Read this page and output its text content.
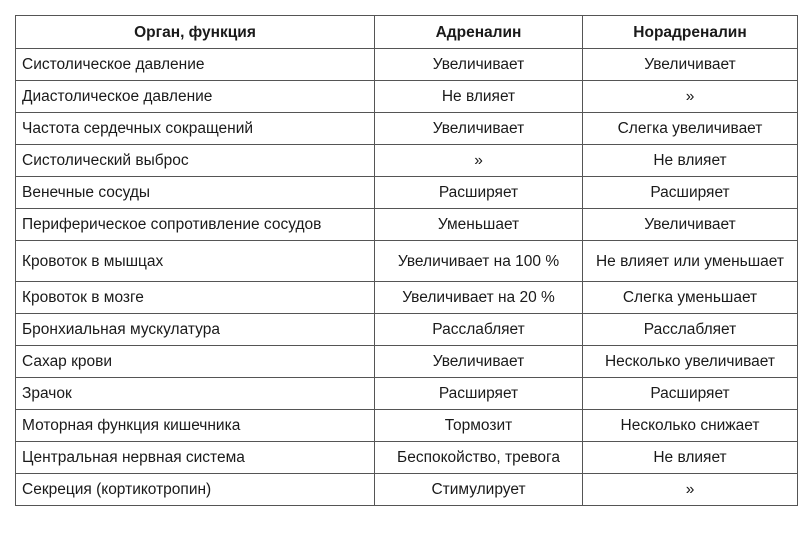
Орган, функция	Адреналин	Норадреналин
Систолическое давление	Увеличивает	Увеличивает
Диастолическое давление	Не влияет	»
Частота сердечных сокращений	Увеличивает	Слегка увеличивает
Систолический выброс	»	Не влияет
Венечные сосуды	Расширяет	Расширяет
Периферическое сопротивление сосудов	Уменьшает	Увеличивает
Кровоток в мышцах	Увеличивает на 100 %	Не влияет или уменьшает
Кровоток в мозге	Увеличивает на 20 %	Слегка уменьшает
Бронхиальная мускулатура	Расслабляет	Расслабляет
Сахар крови	Увеличивает	Несколько увеличивает
Зрачок	Расширяет	Расширяет
Моторная функция кишечника	Тормозит	Несколько снижает
Центральная нервная система	Беспокойство, тревога	Не влияет
Секреция (кортикотропин)	Стимулирует	»
